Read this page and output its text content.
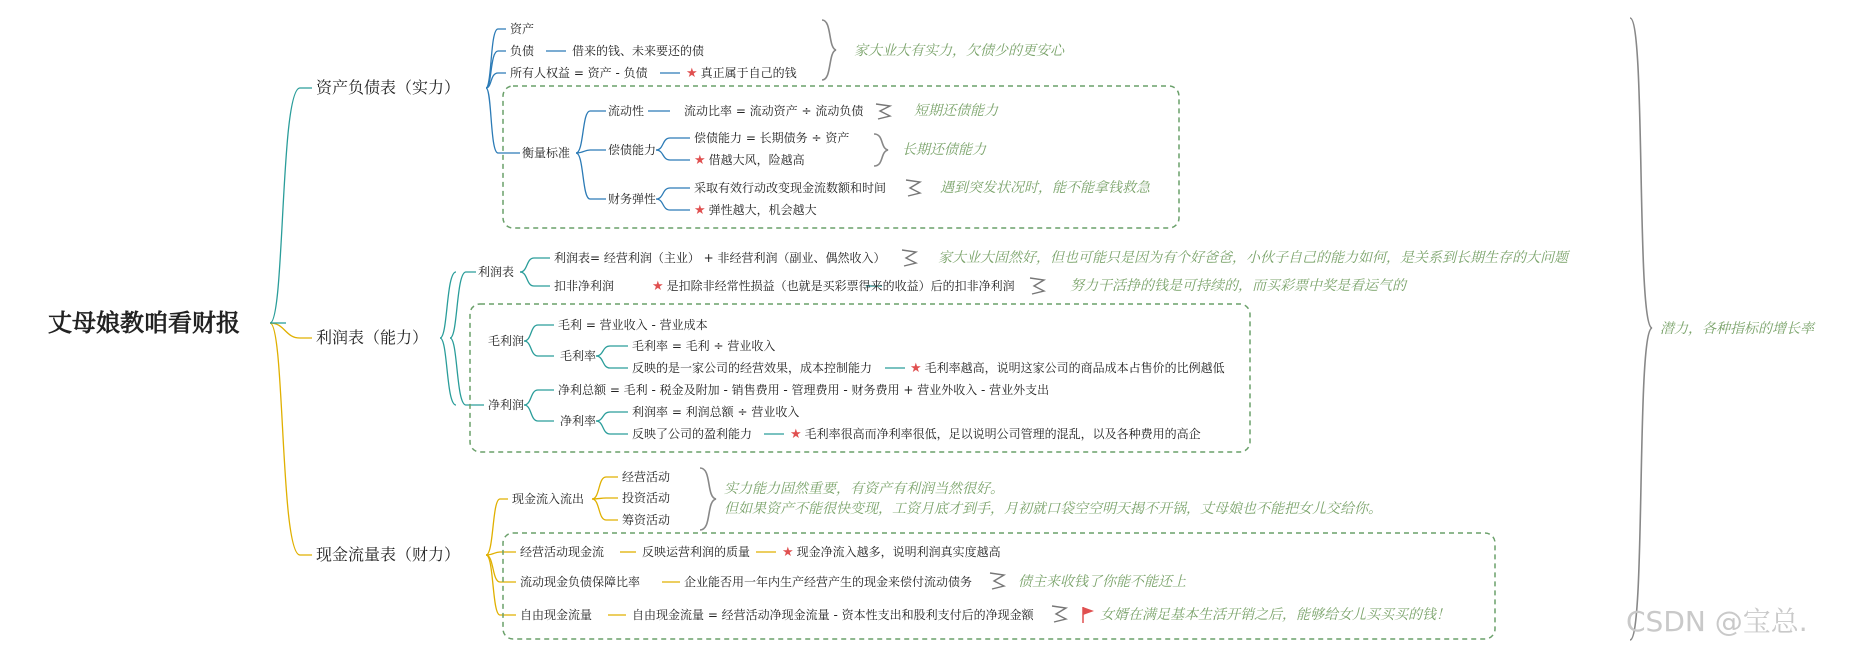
丈母娘教咱看财报
资产负债表（实力）
利润表（能力）
现金流量表（财力）
资产
负债	借来的钱、未来要还的债
所有人权益 = 资产 - 负债	★ 真正属于自己的钱
家大业大有实力，欠债少的更安心
衡量标准
流动性	流动比率 = 流动资产 ÷ 流动负债	短期还债能力
偿债能力
偿债能力 = 长期债务 ÷ 资产
★ 借越大风，险越高
长期还债能力
财务弹性
采取有效行动改变现金流数额和时间
★ 弹性越大，机会越大
遇到突发状况时，能不能拿钱救急
利润表
利润表= 经营利润（主业） + 非经营利润（副业、偶然收入）	家大业大固然好，但也可能只是因为有个好爸爸，小伙子自己的能力如何，是关系到长期生存的大问题
扣非净利润	★ 是扣除非经常性损益（也就是买彩票得来的收益）后的扣非净利润	努力干活挣的钱是可持续的，而买彩票中奖是看运气的
毛利润
毛利 = 营业收入 - 营业成本
毛利率
毛利率 = 毛利 ÷ 营业收入
反映的是一家公司的经营效果，成本控制能力	★ 毛利率越高，说明这家公司的商品成本占售价的比例越低
净利润
净利总额 = 毛利 - 税金及附加 - 销售费用 - 管理费用 - 财务费用 + 营业外收入 - 营业外支出
净利率
利润率 = 利润总额 ÷ 营业收入
反映了公司的盈利能力	★ 毛利率很高而净利率很低，足以说明公司管理的混乱，以及各种费用的高企
现金流入流出
经营活动
投资活动
筹资活动
实力能力固然重要，有资产有利润当然很好。
但如果资产不能很快变现，工资月底才到手，月初就口袋空空明天揭不开锅，丈母娘也不能把女儿交给你。
经营活动现金流	反映运营利润的质量 ★ 现金净流入越多，说明利润真实度越高
流动现金负债保障比率	企业能否用一年内生产经营产生的现金来偿付流动债务	债主来收钱了你能不能还上
自由现金流量	自由现金流量 = 经营活动净现金流量 - 资本性支出和股利支付后的净现金额	女婿在满足基本生活开销之后，能够给女儿买买买的钱！
潜力，各种指标的增长率
CSDN @宝总.
